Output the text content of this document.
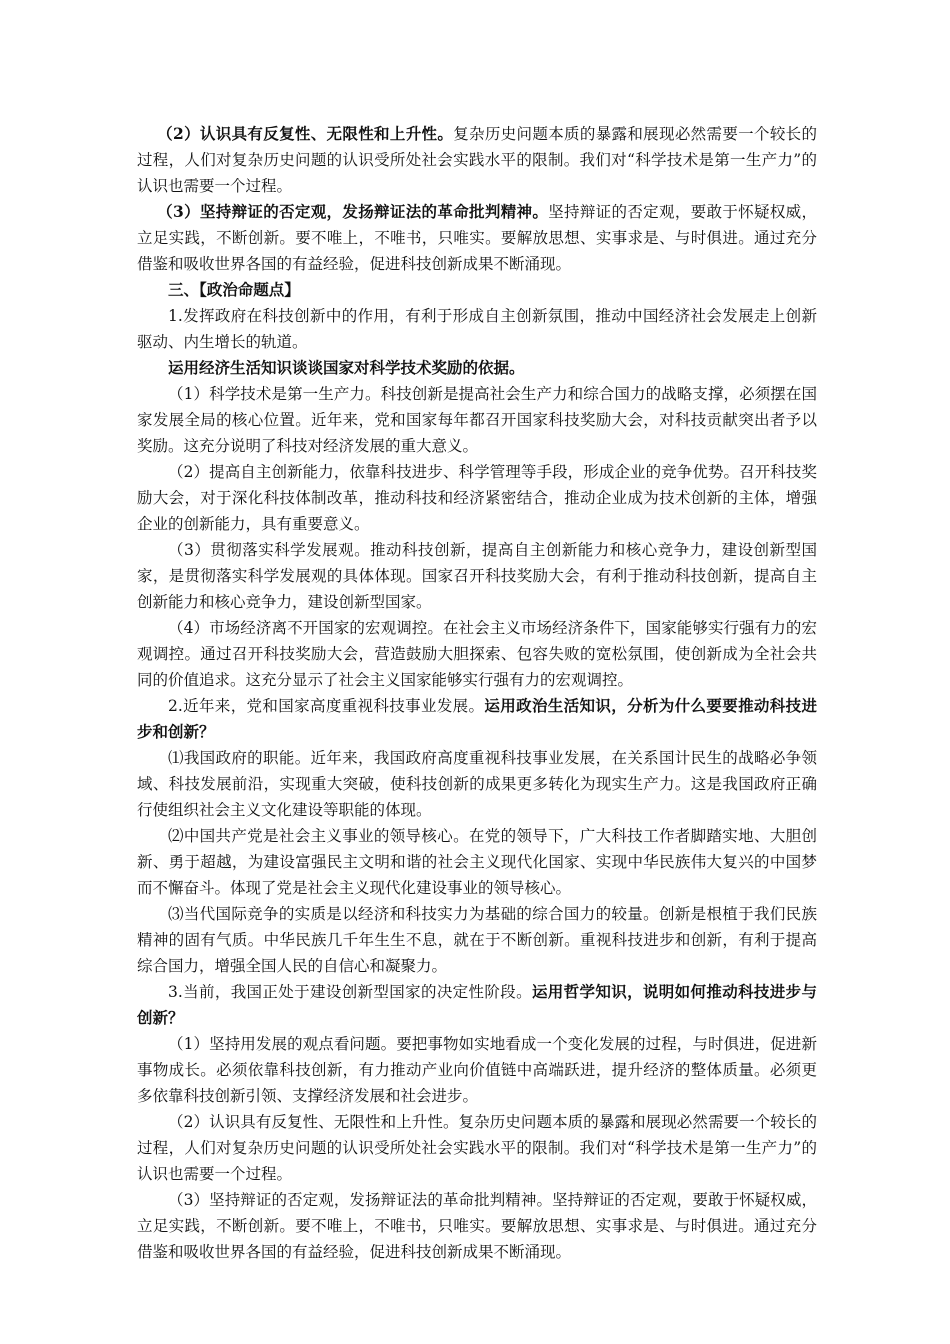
（2）认识具有反复性、无限性和上升性。复杂历史问题本质的暴露和展现必然需要一个较长的过程，人们对复杂历史问题的认识受所处社会实践水平的限制。我们对“科学技术是第一生产力”的认识也需要一个过程。

（3）坚持辩证的否定观，发扬辩证法的革命批判精神。坚持辩证的否定观，要敢于怀疑权威，立足实践，不断创新。要不唯上，不唯书，只唯实。要解放思想、实事求是、与时俱进。通过充分借鉴和吸收世界各国的有益经验，促进科技创新成果不断涌现。

三、【政治命题点】

1.发挥政府在科技创新中的作用，有利于形成自主创新氛围，推动中国经济社会发展走上创新驱动、内生增长的轨道。

运用经济生活知识谈谈国家对科学技术奖励的依据。

（1）科学技术是第一生产力。科技创新是提高社会生产力和综合国力的战略支撑，必须摆在国家发展全局的核心位置。近年来，党和国家每年都召开国家科技奖励大会，对科技贡献突出者予以奖励。这充分说明了科技对经济发展的重大意义。

（2）提高自主创新能力，依靠科技进步、科学管理等手段，形成企业的竞争优势。召开科技奖励大会，对于深化科技体制改革，推动科技和经济紧密结合，推动企业成为技术创新的主体，增强企业的创新能力，具有重要意义。

（3）贯彻落实科学发展观。推动科技创新，提高自主创新能力和核心竞争力，建设创新型国家，是贯彻落实科学发展观的具体体现。国家召开科技奖励大会，有利于推动科技创新，提高自主创新能力和核心竞争力，建设创新型国家。

（4）市场经济离不开国家的宏观调控。在社会主义市场经济条件下，国家能够实行强有力的宏观调控。通过召开科技奖励大会，营造鼓励大胆探索、包容失败的宽松氛围，使创新成为全社会共同的价值追求。这充分显示了社会主义国家能够实行强有力的宏观调控。

2.近年来，党和国家高度重视科技事业发展。运用政治生活知识，分析为什么要要推动科技进步和创新？

⑴我国政府的职能。近年来，我国政府高度重视科技事业发展，在关系国计民生的战略必争领域、科技发展前沿，实现重大突破，使科技创新的成果更多转化为现实生产力。这是我国政府正确行使组织社会主义文化建设等职能的体现。

⑵中国共产党是社会主义事业的领导核心。在党的领导下，广大科技工作者脚踏实地、大胆创新、勇于超越，为建设富强民主文明和谐的社会主义现代化国家、实现中华民族伟大复兴的中国梦而不懈奋斗。体现了党是社会主义现代化建设事业的领导核心。

⑶当代国际竞争的实质是以经济和科技实力为基础的综合国力的较量。创新是根植于我们民族精神的固有气质。中华民族几千年生生不息，就在于不断创新。重视科技进步和创新，有利于提高综合国力，增强全国人民的自信心和凝聚力。

3.当前，我国正处于建设创新型国家的决定性阶段。运用哲学知识，说明如何推动科技进步与创新？

（1）坚持用发展的观点看问题。要把事物如实地看成一个变化发展的过程，与时俱进，促进新事物成长。必须依靠科技创新，有力推动产业向价值链中高端跃进，提升经济的整体质量。必须更多依靠科技创新引领、支撑经济发展和社会进步。

（2）认识具有反复性、无限性和上升性。复杂历史问题本质的暴露和展现必然需要一个较长的过程，人们对复杂历史问题的认识受所处社会实践水平的限制。我们对“科学技术是第一生产力”的认识也需要一个过程。

（3）坚持辩证的否定观，发扬辩证法的革命批判精神。坚持辩证的否定观，要敢于怀疑权威，立足实践，不断创新。要不唯上，不唯书，只唯实。要解放思想、实事求是、与时俱进。通过充分借鉴和吸收世界各国的有益经验，促进科技创新成果不断涌现。
